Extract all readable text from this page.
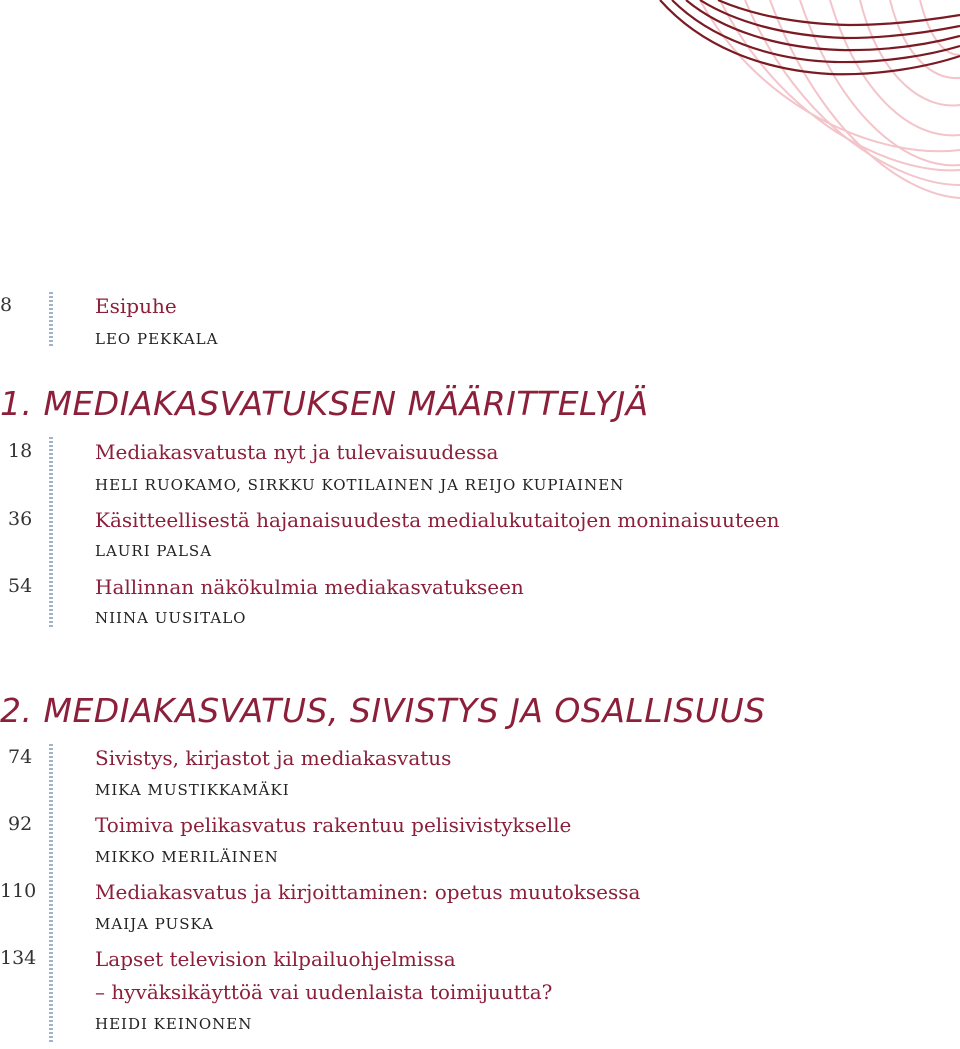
8	Esipuhe
LEO PEKKALA
1. MEDIAKASVATUKSEN MÄÄRITTELYJÄ
18	Mediakasvatusta nyt ja tulevaisuudessa
HELI RUOKAMO, SIRKKU KOTILAINEN JA REIJO KUPIAINEN
36	Käsitteellisestä hajanaisuudesta medialukutaitojen moninaisuuteen
LAURI PALSA
54	Hallinnan näkökulmia mediakasvatukseen
NIINA UUSITALO
2. MEDIAKASVATUS, SIVISTYS JA OSALLISUUS
74	Sivistys, kirjastot ja mediakasvatus
MIKA MUSTIKKAMÄKI
92	Toimiva pelikasvatus rakentuu pelisivistykselle
MIKKO MERILÄINEN
110	Mediakasvatus ja kirjoittaminen: opetus muutoksessa
MAIJA PUSKA
134	Lapset television kilpailuohjelmissa
– hyväksikäyttöä vai uudenlaista toimijuutta?
HEIDI KEINONEN
